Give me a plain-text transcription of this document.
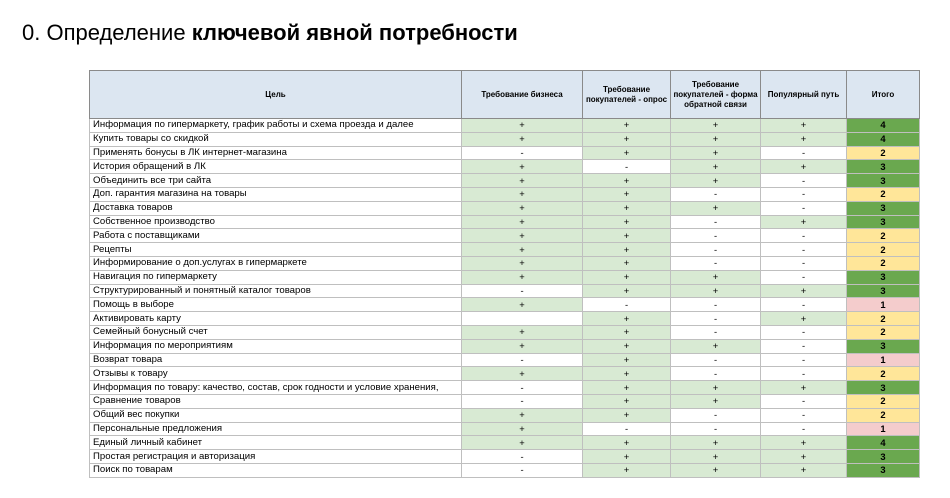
0. Определение ключевой явной потребности
Цель	Требование бизнеса	Требование покупателей - опрос	Требование покупателей - форма обратной связи	Популярный путь	Итого
Информация по гипермаркету, график работы и схема проезда и далее	+	+	+	+	4
Купить товары со скидкой	+	+	+	+	4
Применять бонусы в ЛК интернет-магазина	-	+	+	-	2
История обращений в ЛК	+	-	+	+	3
Объединить все три сайта	+	+	+	-	3
Доп. гарантия магазина на товары	+	+	-	-	2
Доставка товаров	+	+	+	-	3
Собственное производство	+	+	-	+	3
Работа с поставщиками	+	+	-	-	2
Рецепты	+	+	-	-	2
Информирование о доп.услугах в гипермаркете	+	+	-	-	2
Навигация по гипермаркету	+	+	+	-	3
Структурированный и понятный каталог товаров	-	+	+	+	3
Помощь в выборе	+	-	-	-	1
Активировать карту		+	-	+	2
Семейный бонусный счет	+	+	-	-	2
Информация по мероприятиям	+	+	+	-	3
Возврат товара	-	+	-	-	1
Отзывы к товару	+	+	-	-	2
Информация по товару: качество, состав, срок годности и условие хранения,	-	+	+	+	3
Сравнение товаров	-	+	+	-	2
Общий вес покупки	+	+	-	-	2
Персональные предложения	+	-	-	-	1
Единый личный кабинет	+	+	+	+	4
Простая регистрация и авторизация	-	+	+	+	3
Поиск по товарам	-	+	+	+	3
